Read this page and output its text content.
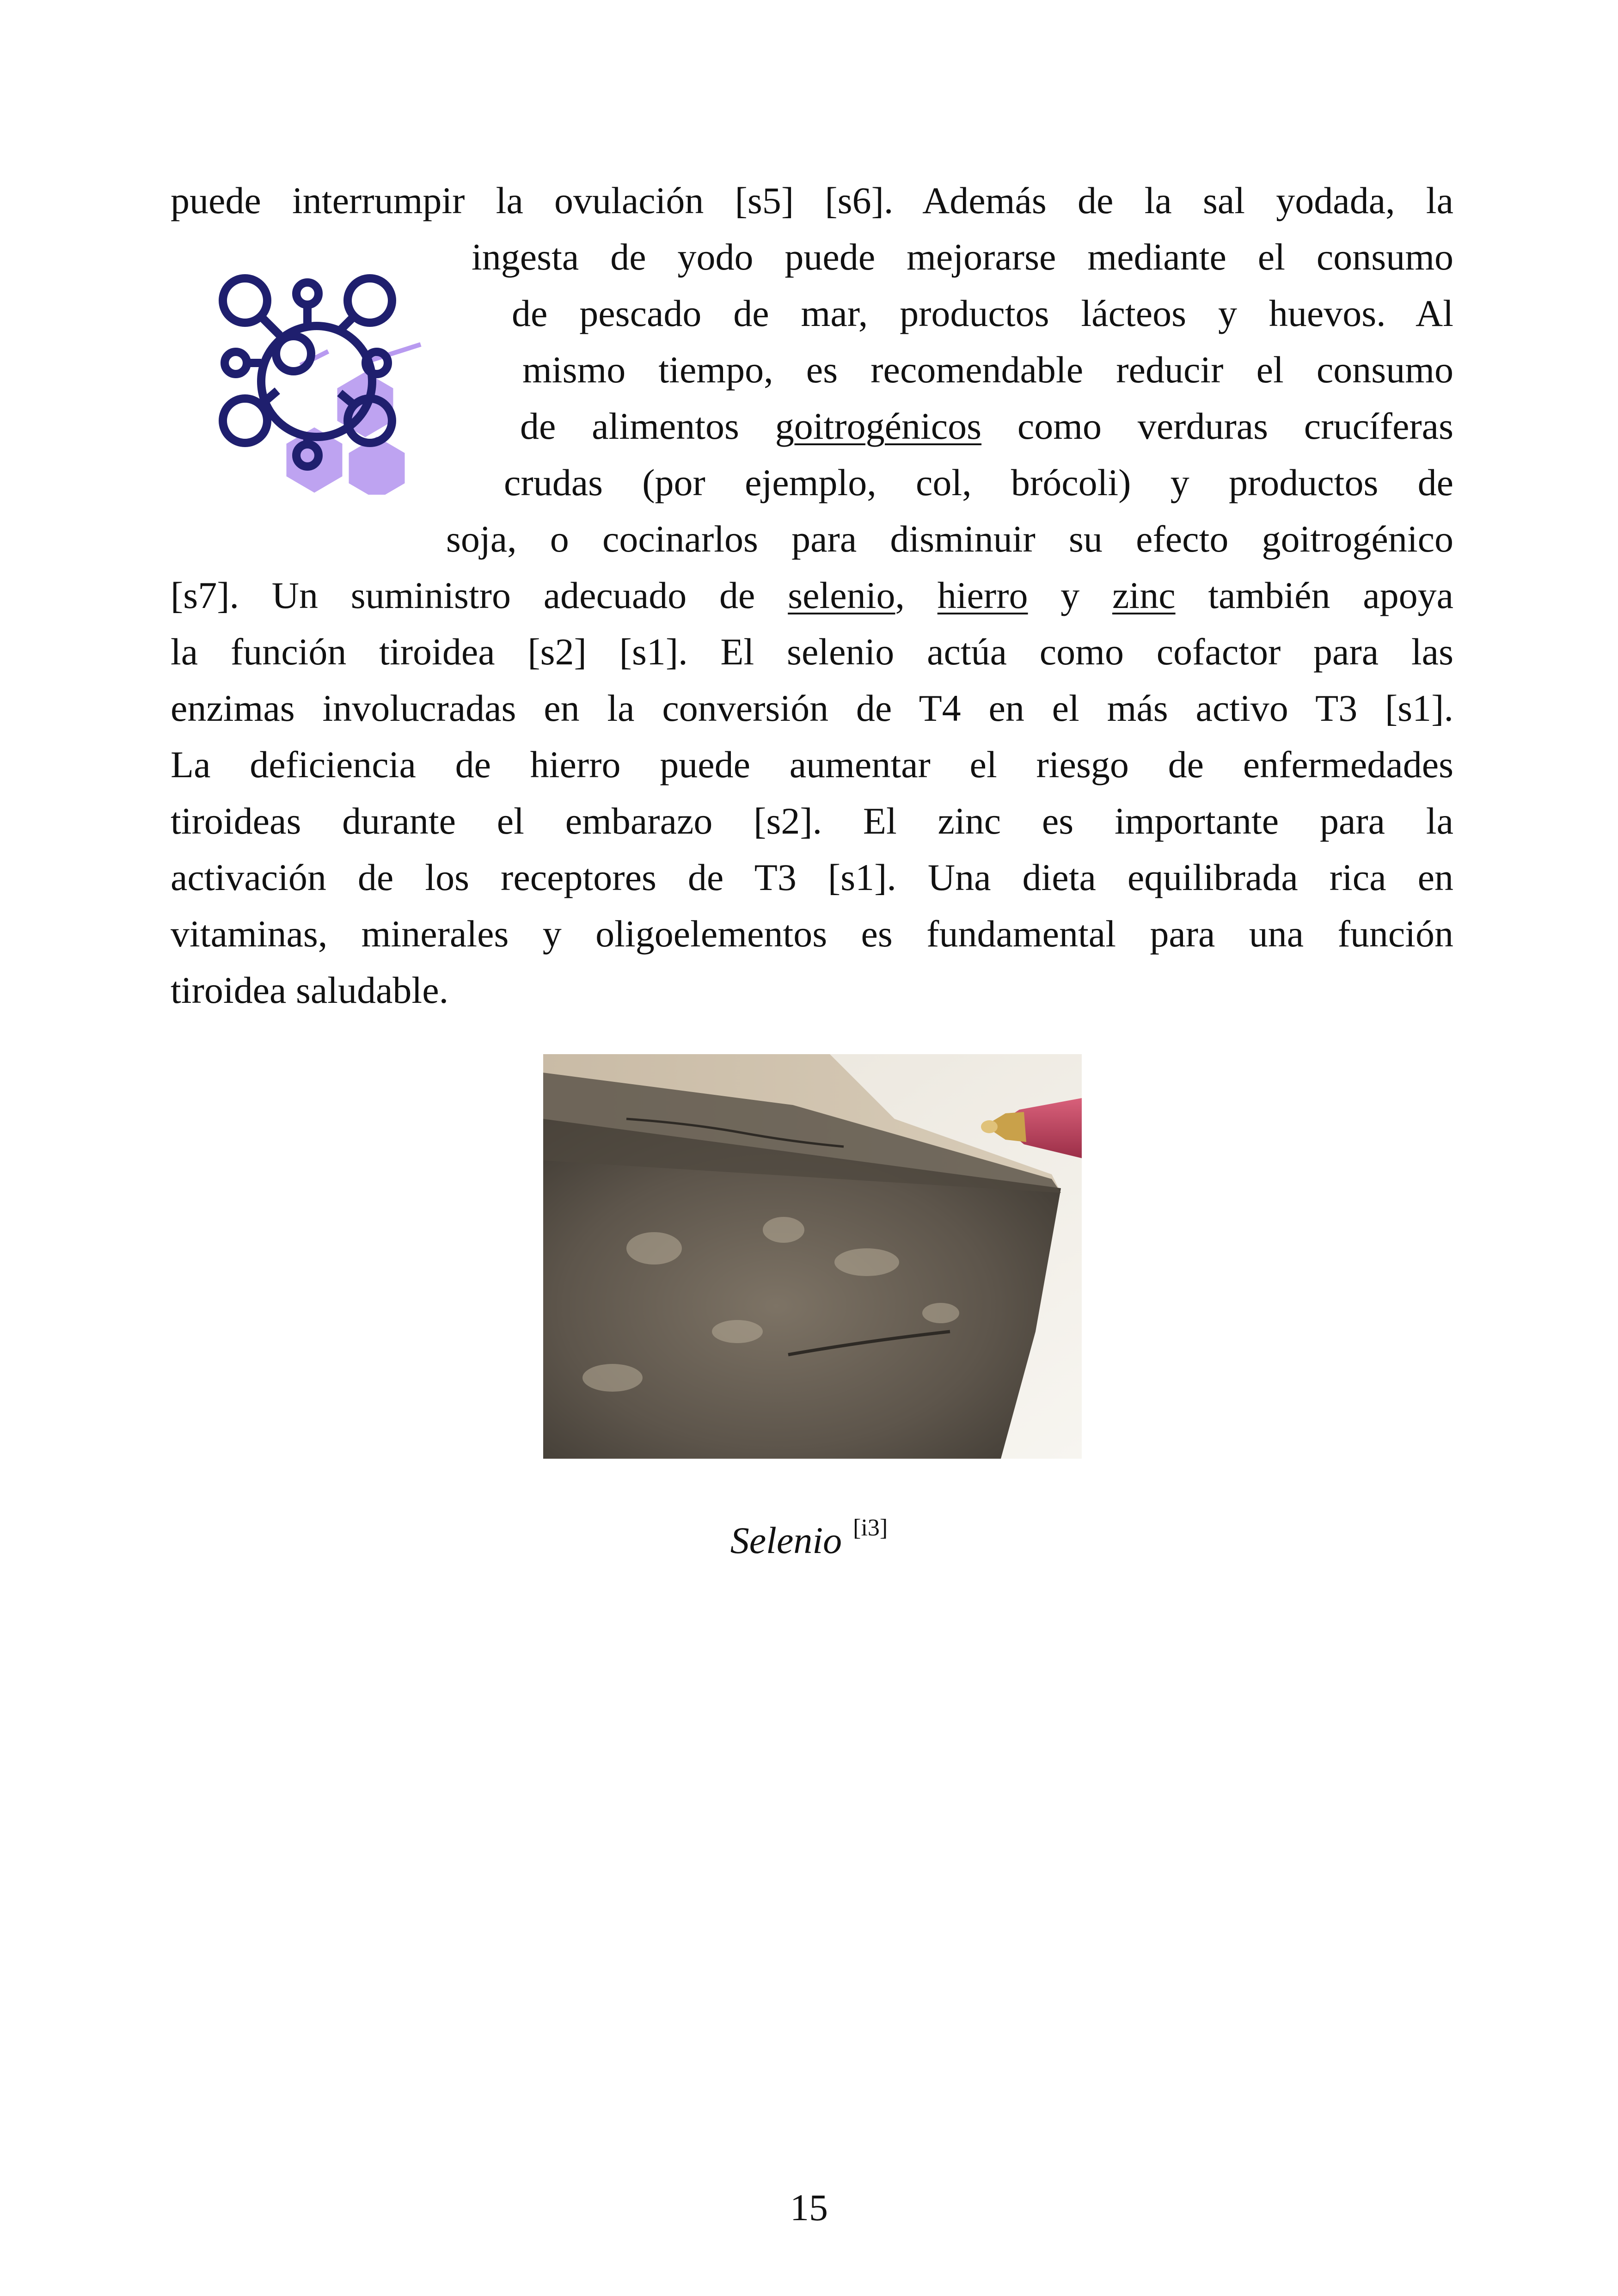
puede interrumpir la ovulación [s5] [s6]. Además de la sal yodada, la
ingesta de yodo puede mejorarse mediante el consumo
de pescado de mar, productos lácteos y huevos. Al
mismo tiempo, es recomendable reducir el consumo
de alimentos goitrogénicos como verduras crucíferas
crudas (por ejemplo, col, brócoli) y productos de
soja, o cocinarlos para disminuir su efecto goitrogénico
[s7]. Un suministro adecuado de selenio, hierro y zinc también apoya
la función tiroidea [s2] [s1]. El selenio actúa como cofactor para las
enzimas involucradas en la conversión de T4 en el más activo T3 [s1].
La deficiencia de hierro puede aumentar el riesgo de enfermedades
tiroideas durante el embarazo [s2]. El zinc es importante para la
activación de los receptores de T3 [s1]. Una dieta equilibrada rica en
vitaminas, minerales y oligoelementos es fundamental para una función
tiroidea saludable.
Selenio [i3]
15
